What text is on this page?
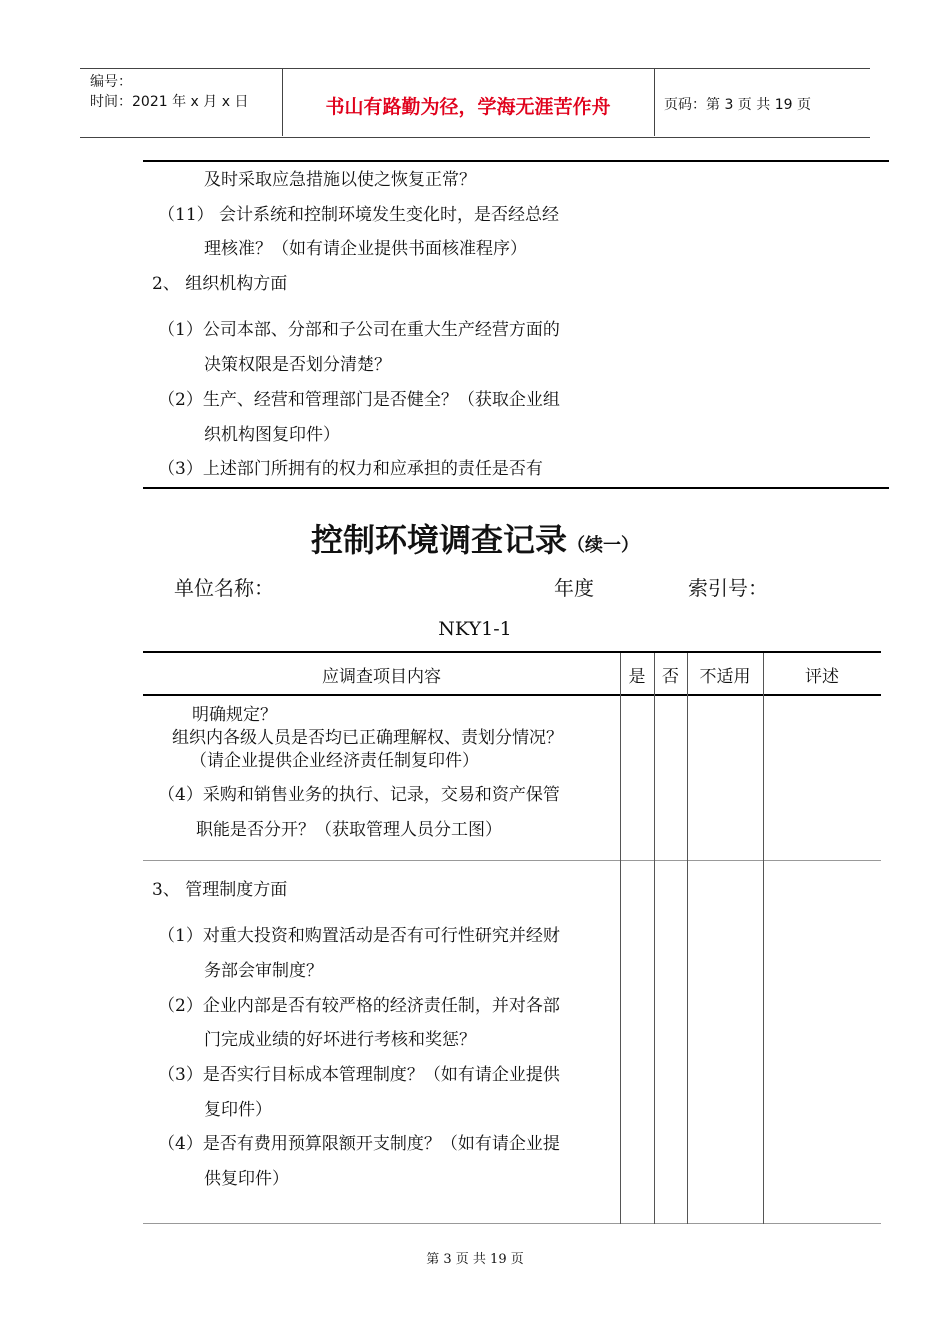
编号：
时间：2021 年 x 月 x 日	书山有路勤为径，学海无涯苦作舟	页码：第 3 页 共 19 页
及时采取应急措施以使之恢复正常？
（11） 会计系统和控制环境发生变化时，是否经总经
理核准？（如有请企业提供书面核准程序）
2、 组织机构方面
（1）公司本部、分部和子公司在重大生产经营方面的
决策权限是否划分清楚？
（2）生产、经营和管理部门是否健全？（获取企业组
织机构图复印件）
（3）上述部门所拥有的权力和应承担的责任是否有
控制环境调查记录（续一）
单位名称：	年度	索引号：
NKY1-1
应调查项目内容	是 否	不适用	评述
明确规定？
组织内各级人员是否均已正确理解权、责划分情况？
（请企业提供企业经济责任制复印件）
（4）采购和销售业务的执行、记录，交易和资产保管
职能是否分开？（获取管理人员分工图）
3、 管理制度方面
（1）对重大投资和购置活动是否有可行性研究并经财
务部会审制度？
（2）企业内部是否有较严格的经济责任制，并对各部
门完成业绩的好坏进行考核和奖惩？
（3）是否实行目标成本管理制度？（如有请企业提供
复印件）
（4）是否有费用预算限额开支制度？（如有请企业提
供复印件）
第 3 页 共 19 页
